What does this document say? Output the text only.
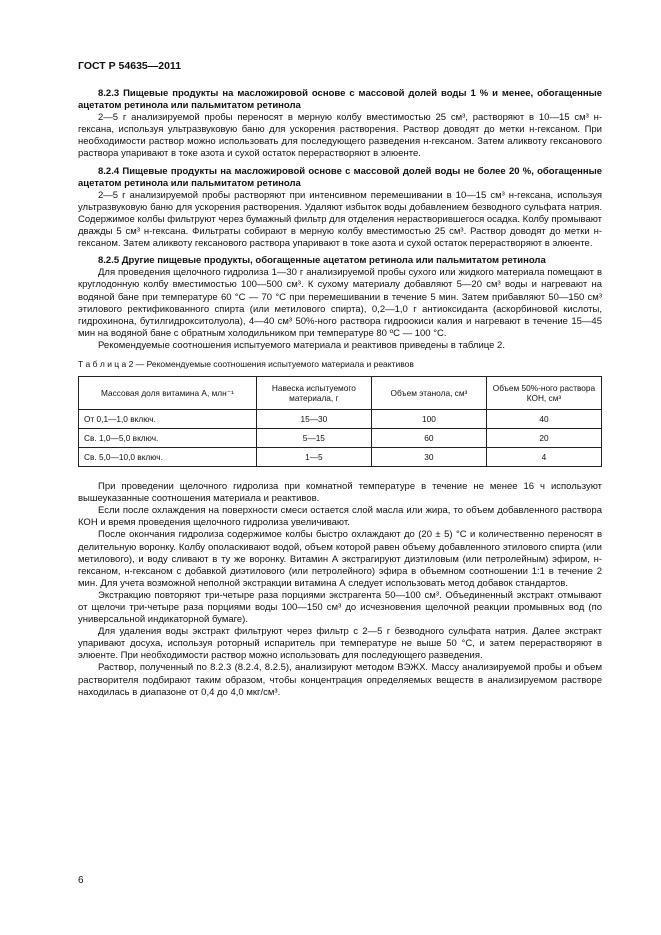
ГОСТ Р 54635—2011

8.2.3 Пищевые продукты на масложировой основе с массовой долей воды 1 % и менее, обогащенные ацетатом ретинола или пальмитатом ретинола

2—5 г анализируемой пробы переносят в мерную колбу вместимостью 25 см³, растворяют в 10—15 см³ н-гексана, используя ультразвуковую баню для ускорения растворения. Раствор доводят до метки н-гексаном. При необходимости раствор можно использовать для последующего разведения н-гексаном. Затем аликвоту гексанового раствора упаривают в токе азота и сухой остаток перерастворяют в элюенте.

8.2.4 Пищевые продукты на масложировой основе с массовой долей воды не более 20 %, обогащенные ацетатом ретинола или пальмитатом ретинола

2—5 г анализируемой пробы растворяют при интенсивном перемешивании в 10—15 см³ н-гексана, используя ультразвуковую баню для ускорения растворения. Удаляют избыток воды добавлением безводного сульфата натрия. Содержимое колбы фильтруют через бумажный фильтр для отделения нерастворившегося осадка. Колбу промывают дважды 5 см³ н-гексана. Фильтраты собирают в мерную колбу вместимостью 25 см³. Раствор доводят до метки н-гексаном. Затем аликвоту гексанового раствора упаривают в токе азота и сухой остаток перерастворяют в элюенте.

8.2.5 Другие пищевые продукты, обогащенные ацетатом ретинола или пальмитатом ретинола

Для проведения щелочного гидролиза 1—30 г анализируемой пробы сухого или жидкого материала помещают в круглодонную колбу вместимостью 100—500 см³. К сухому материалу добавляют 5—20 см³ воды и нагревают на водяной бане при температуре 60 °С — 70 °С при перемешивании в течение 5 мин. Затем прибавляют 50—150 см³ этилового ректификованного спирта (или метилового спирта), 0,2—1,0 г антиоксиданта (аскорбиновой кислоты, гидрохинона, бутилгидрокситолуола), 4—40 см³ 50%-ного раствора гидроокиси калия и нагревают в течение 15—45 мин на водяной бане с обратным холодильником при температуре 80 ºС — 100 °С.

Рекомендуемые соотношения испытуемого материала и реактивов приведены в таблице 2.

Т а б л и ц а 2 — Рекомендуемые соотношения испытуемого материала и реактивов

Массовая доля витамина А, млн⁻¹	Навеска испытуемого материала, г	Объем этанола, см³	Объем 50%-ного раствора КОН, см³
От 0,1—1,0 включ.	15—30	100	40
Св. 1,0—5,0 включ.	5—15	60	20
Св. 5,0—10,0 включ.	1—5	30	4

При проведении щелочного гидролиза при комнатной температуре в течение не менее 16 ч используют вышеуказанные соотношения материала и реактивов.

Если после охлаждения на поверхности смеси остается слой масла или жира, то объем добавленного раствора КОН и время проведения щелочного гидролиза увеличивают.

После окончания гидролиза содержимое колбы быстро охлаждают до (20 ± 5) °С и количественно переносят в делительную воронку. Колбу ополаскивают водой, объем которой равен объему добавленного этилового спирта (или метилового), и воду сливают в ту же воронку. Витамин А экстрагируют диэтиловым (или петролейным) эфиром, н-гексаном, н-гексаном с добавкой диэтилового (или петролейного) эфира в объемном соотношении 1:1 в течение 2 мин. Для учета возможной неполной экстракции витамина А следует использовать метод добавок стандартов.

Экстракцию повторяют три-четыре раза порциями экстрагента 50—100 см³. Объединенный экстракт отмывают от щелочи три-четыре раза порциями воды 100—150 см³ до исчезновения щелочной реакции промывных вод (по универсальной индикаторной бумаге).

Для удаления воды экстракт фильтруют через фильтр с 2—5 г безводного сульфата натрия. Далее экстракт упаривают досуха, используя роторный испаритель при температуре не выше 50 °С, и затем перерастворяют в элюенте. При необходимости раствор можно использовать для последующего разведения.

Раствор, полученный по 8.2.3 (8.2.4, 8.2.5), анализируют методом ВЭЖХ. Массу анализируемой пробы и объем растворителя подбирают таким образом, чтобы концентрация определяемых веществ в анализируемом растворе находилась в диапазоне от 0,4 до 4,0 мкг/см³.

6
